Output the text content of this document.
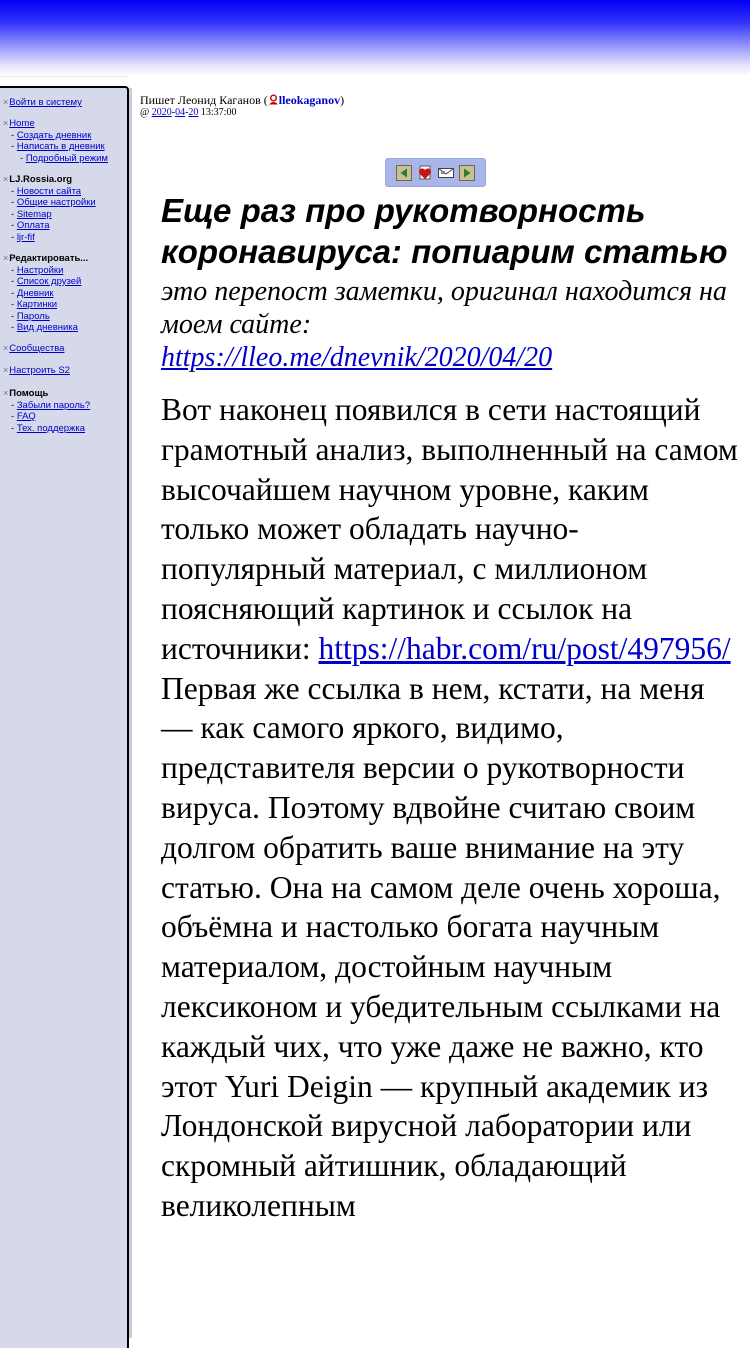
×Войти в систему
×Home
- Создать дневник
- Написать в дневник
- Подробный режим
×LJ.Rossia.org
- Новости сайта
- Общие настройки
- Sitemap
- Оплата
- ljr-fif
×Редактировать...
- Настройки
- Список друзей
- Дневник
- Картинки
- Пароль
- Вид дневника
×Сообщества
×Настроить S2
×Помощь
- Забыли пароль?
- FAQ
- Тех. поддержка
Пишет Леонид Каганов ( lleokaganov)
@ 2020-04-20 13:37:00
Еще раз про рукотворность коронавируса: попиарим статью
это перепост заметки, оригинал находится на моем сайте:
https://lleo.me/dnevnik/2020/04/20
Вот наконец появился в сети настоящий грамотный анализ, выполненный на самом высочайшем научном уровне, каким только может обладать научно-популярный материал, с миллионом поясняющий картинок и ссылок на источники: https://habr.com/ru/post/497956/ Первая же ссылка в нем, кстати, на меня — как самого яркого, видимо, представителя версии о рукотворности вируса. Поэтому вдвойне считаю своим долгом обратить ваше внимание на эту статью. Она на самом деле очень хороша, объёмна и настолько богата научным материалом, достойным научным лексиконом и убедительным ссылками на каждый чих, что уже даже не важно, кто этот Yuri Deigin — крупный академик из Лондонской вирусной лаборатории или скромный айтишник, обладающий великолепным
